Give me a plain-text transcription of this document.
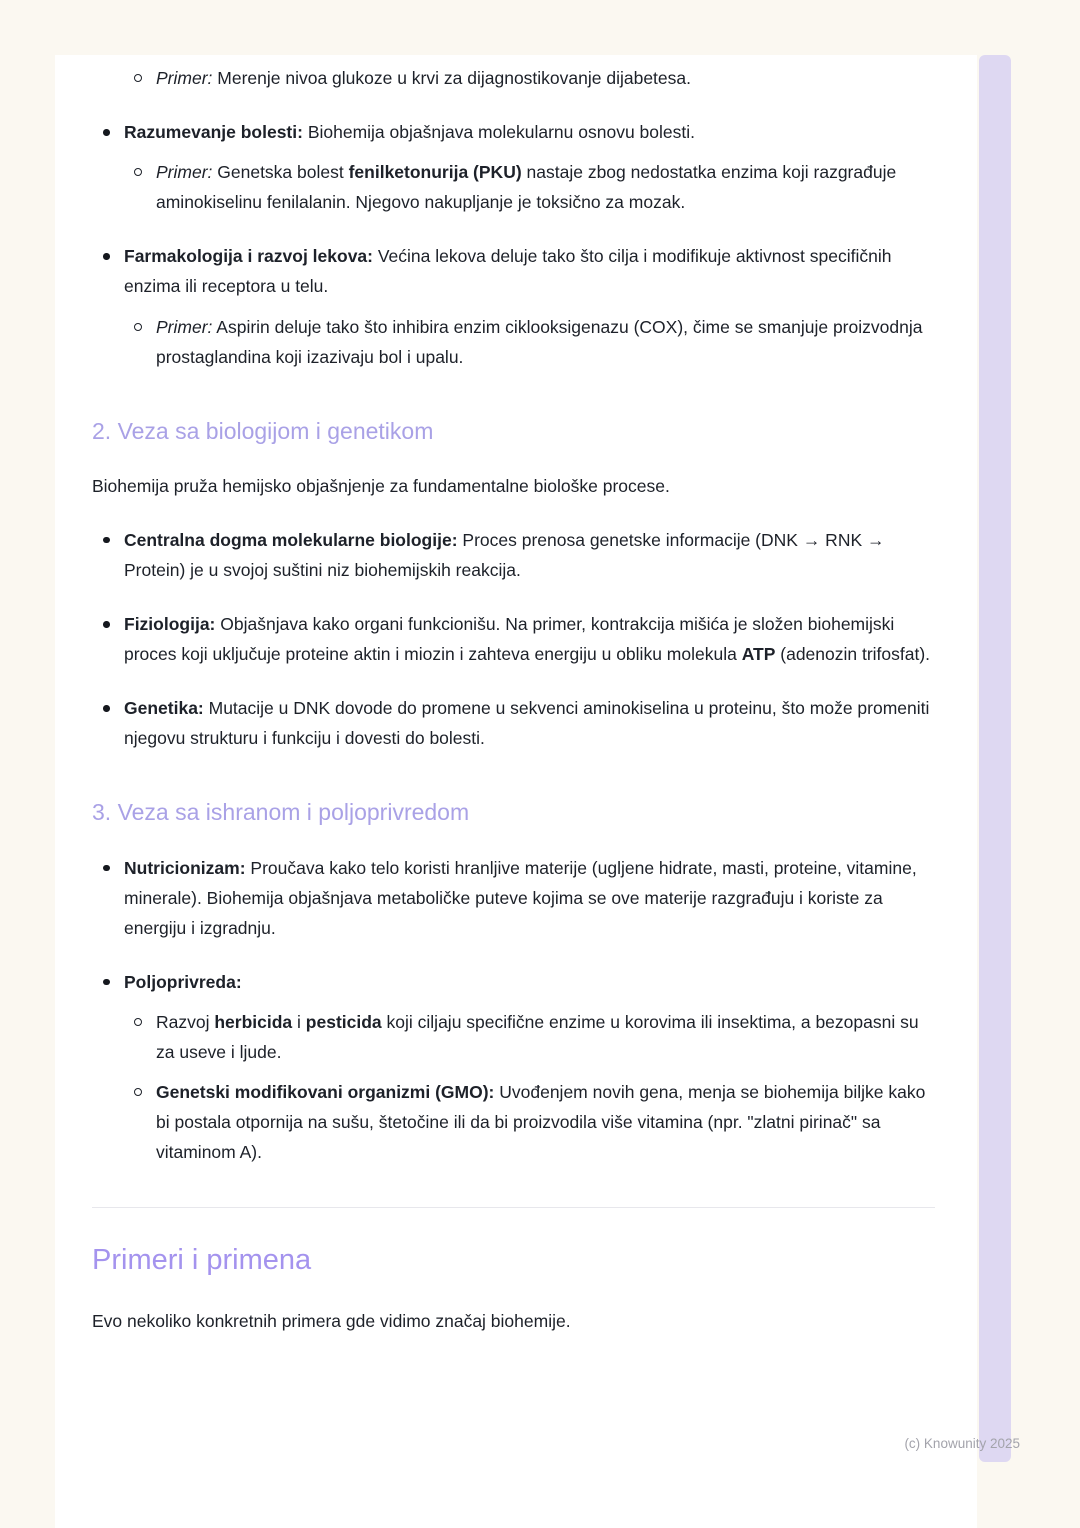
Primer: Merenje nivoa glukoze u krvi za dijagnostikovanje dijabetesa.
Razumevanje bolesti: Biohemija objašnjava molekularnu osnovu bolesti.
Primer: Genetska bolest fenilketonurija (PKU) nastaje zbog nedostatka enzima koji razgrađuje aminokiselinu fenilalanin. Njegovo nakupljanje je toksično za mozak.
Farmakologija i razvoj lekova: Većina lekova deluje tako što cilja i modifikuje aktivnost specifičnih enzima ili receptora u telu.
Primer: Aspirin deluje tako što inhibira enzim ciklooksigenazu (COX), čime se smanjuje proizvodnja prostaglandina koji izazivaju bol i upalu.
2. Veza sa biologijom i genetikom
Biohemija pruža hemijsko objašnjenje za fundamentalne biološke procese.
Centralna dogma molekularne biologije: Proces prenosa genetske informacije (DNK → RNK → Protein) je u svojoj suštini niz biohemijskih reakcija.
Fiziologija: Objašnjava kako organi funkcionišu. Na primer, kontrakcija mišića je složen biohemijski proces koji uključuje proteine aktin i miozin i zahteva energiju u obliku molekula ATP (adenozin trifosfat).
Genetika: Mutacije u DNK dovode do promene u sekvenci aminokiselina u proteinu, što može promeniti njegovu strukturu i funkciju i dovesti do bolesti.
3. Veza sa ishranom i poljoprivredom
Nutricionizam: Proučava kako telo koristi hranljive materije (ugljene hidrate, masti, proteine, vitamine, minerale). Biohemija objašnjava metaboličke puteve kojima se ove materije razgrađuju i koriste za energiju i izgradnju.
Poljoprivreda:
Razvoj herbicida i pesticida koji ciljaju specifične enzime u korovima ili insektima, a bezopasni su za useve i ljude.
Genetski modifikovani organizmi (GMO): Uvođenjem novih gena, menja se biohemija biljke kako bi postala otpornija na sušu, štetočine ili da bi proizvodila više vitamina (npr. "zlatni pirinač" sa vitaminom A).
Primeri i primena
Evo nekoliko konkretnih primera gde vidimo značaj biohemije.
(c) Knowunity 2025
